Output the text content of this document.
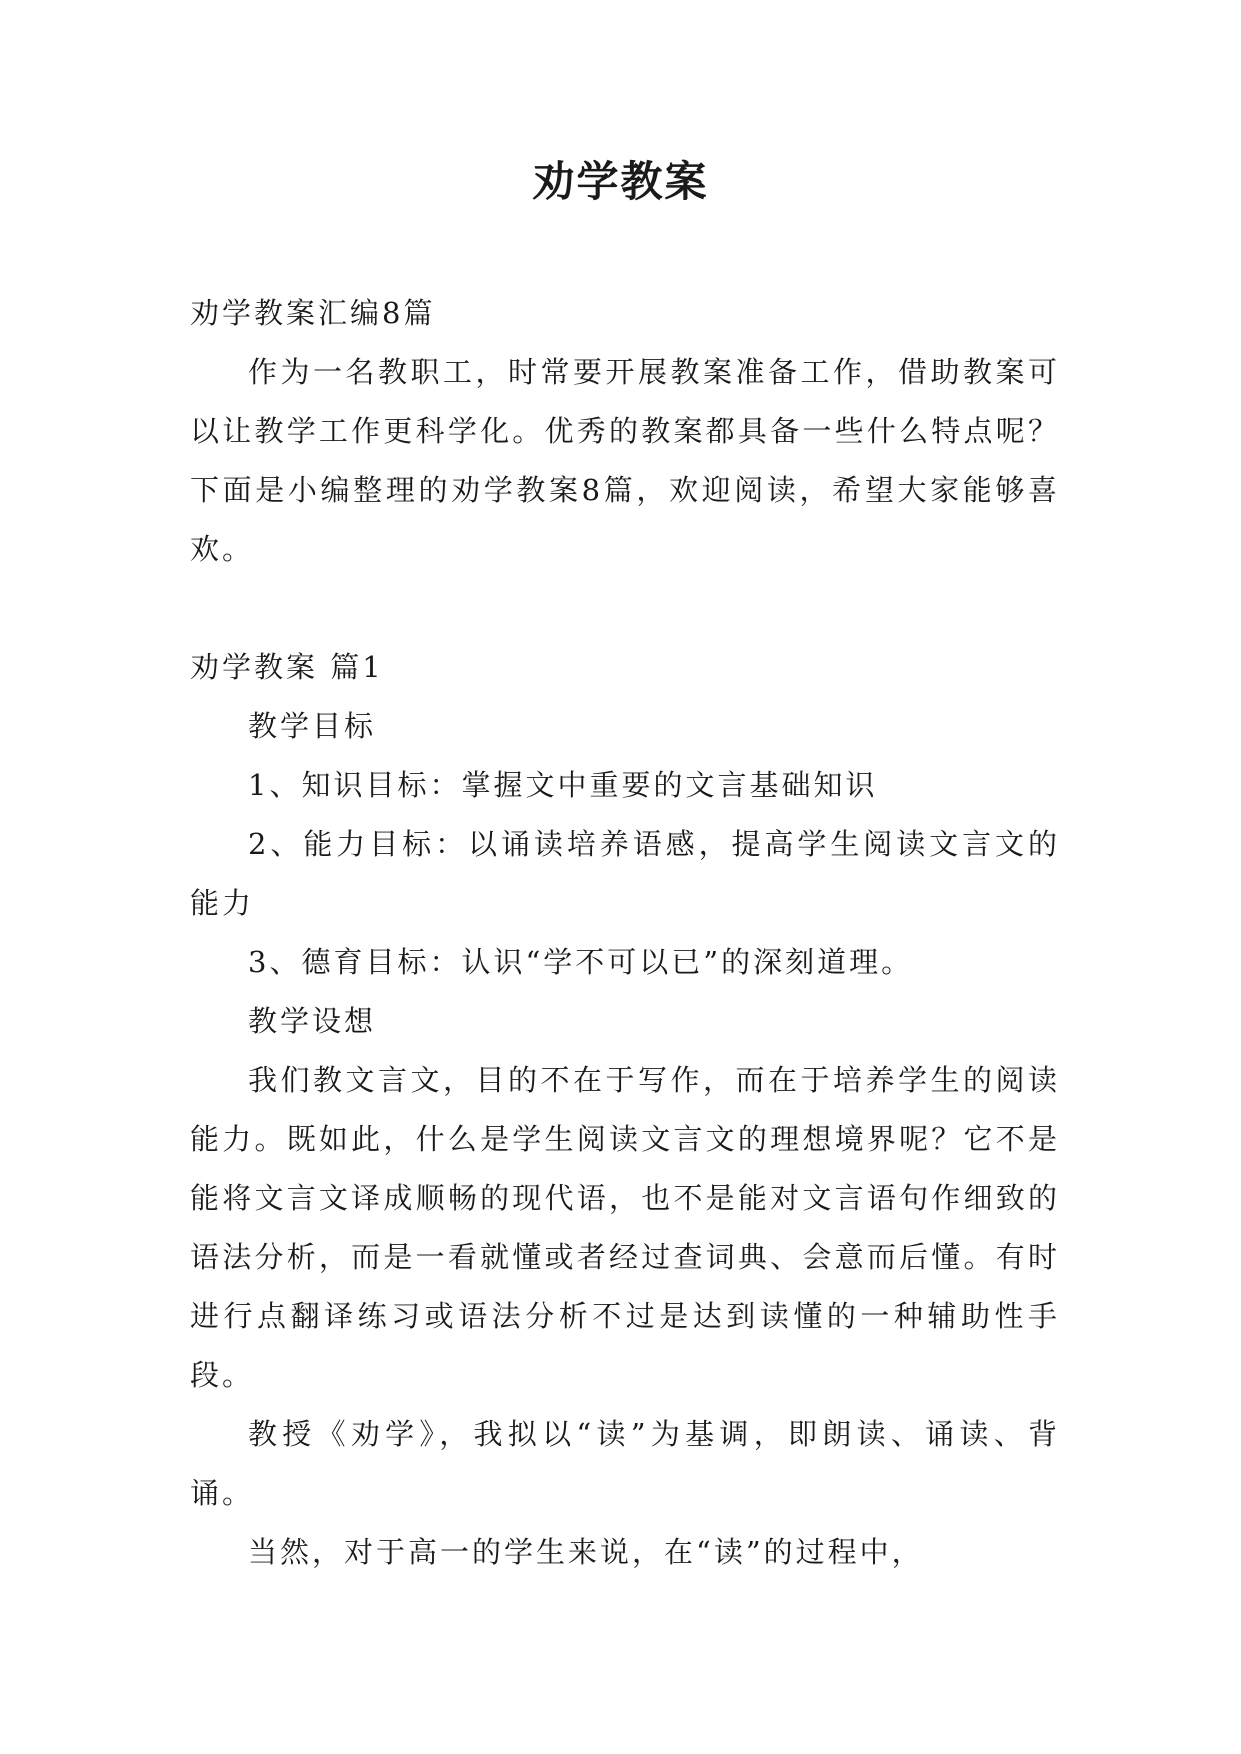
劝学教案

劝学教案汇编8篇

作为一名教职工，时常要开展教案准备工作，借助教案可以让教学工作更科学化。优秀的教案都具备一些什么特点呢？下面是小编整理的劝学教案8篇，欢迎阅读，希望大家能够喜欢。

劝学教案 篇1

教学目标

1、知识目标：掌握文中重要的文言基础知识

2、能力目标：以诵读培养语感，提高学生阅读文言文的能力

3、德育目标：认识“学不可以已”的深刻道理。

教学设想

我们教文言文，目的不在于写作，而在于培养学生的阅读能力。既如此，什么是学生阅读文言文的理想境界呢？它不是能将文言文译成顺畅的现代语，也不是能对文言语句作细致的语法分析，而是一看就懂或者经过查词典、会意而后懂。有时进行点翻译练习或语法分析不过是达到读懂的一种辅助性手段。

教授《劝学》，我拟以“读”为基调，即朗读、诵读、背诵。

当然，对于高一的学生来说，在“读”的过程中，
